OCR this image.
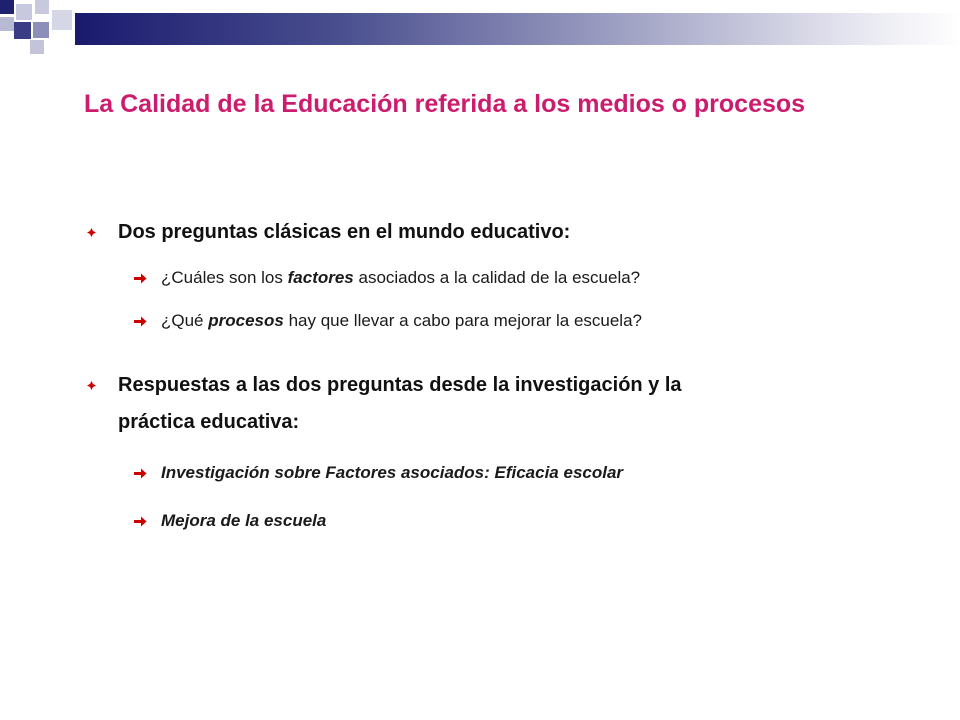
La Calidad de la Educación referida a los medios o procesos
Dos preguntas clásicas en el mundo educativo:
¿Cuáles son los factores asociados a la calidad de la escuela?
¿Qué procesos hay que llevar a cabo para mejorar la escuela?
Respuestas a las dos preguntas desde la investigación y la
práctica educativa:
Investigación sobre Factores asociados: Eficacia escolar
Mejora de la escuela
